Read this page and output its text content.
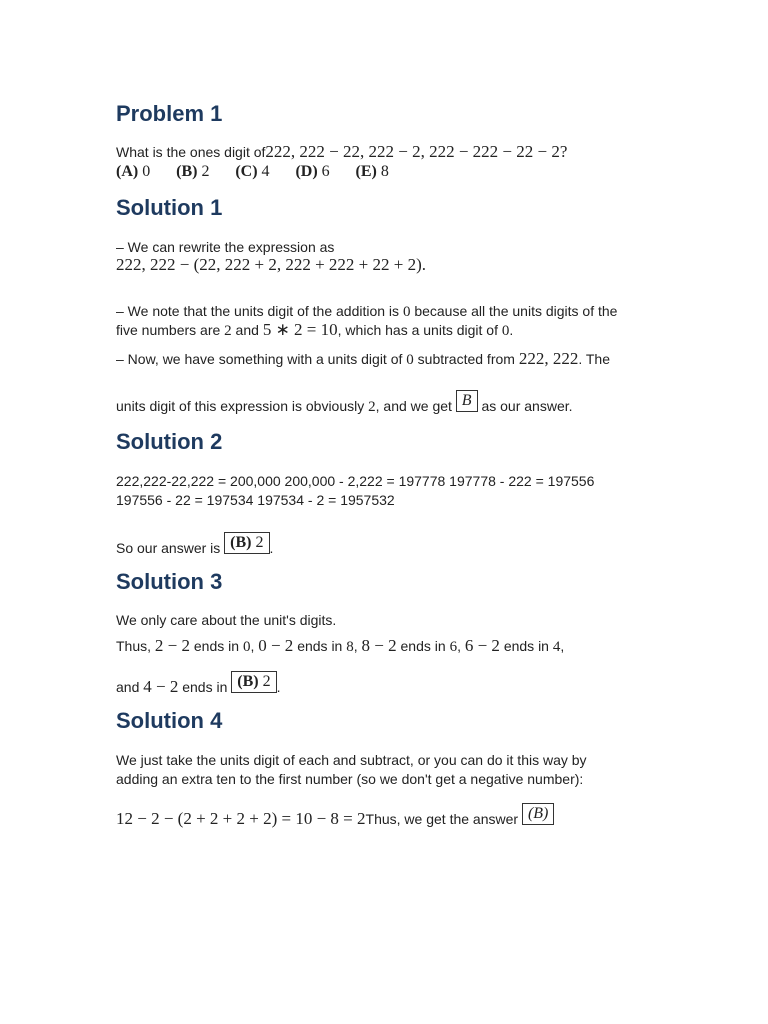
Problem 1
What is the ones digit of222, 222 − 22, 222 − 2, 222 − 222 − 22 − 2?
(A) 0 (B) 2 (C) 4 (D) 6 (E) 8
Solution 1
– We can rewrite the expression as
222, 222 − (22, 222 + 2, 222 + 222 + 22 + 2).
– We note that the units digit of the addition is 0 because all the units digits of the
five numbers are 2 and 5 ∗ 2 = 10, which has a units digit of 0.
– Now, we have something with a units digit of 0 subtracted from 222, 222. The
units digit of this expression is obviously 2, and we get B as our answer.
Solution 2
222,222-22,222 = 200,000 200,000 - 2,222 = 197778 197778 - 222 = 197556
197556 - 22 = 197534 197534 - 2 = 1957532
So our answer is (B) 2 .
Solution 3
We only care about the unit's digits.
Thus, 2 − 2 ends in 0, 0 − 2 ends in 8, 8 − 2 ends in 6, 6 − 2 ends in 4,
and 4 − 2 ends in (B) 2 .
Solution 4
We just take the units digit of each and subtract, or you can do it this way by
adding an extra ten to the first number (so we don't get a negative number):
12 − 2 − (2 + 2 + 2 + 2) = 10 − 8 = 2Thus, we get the answer (B)
